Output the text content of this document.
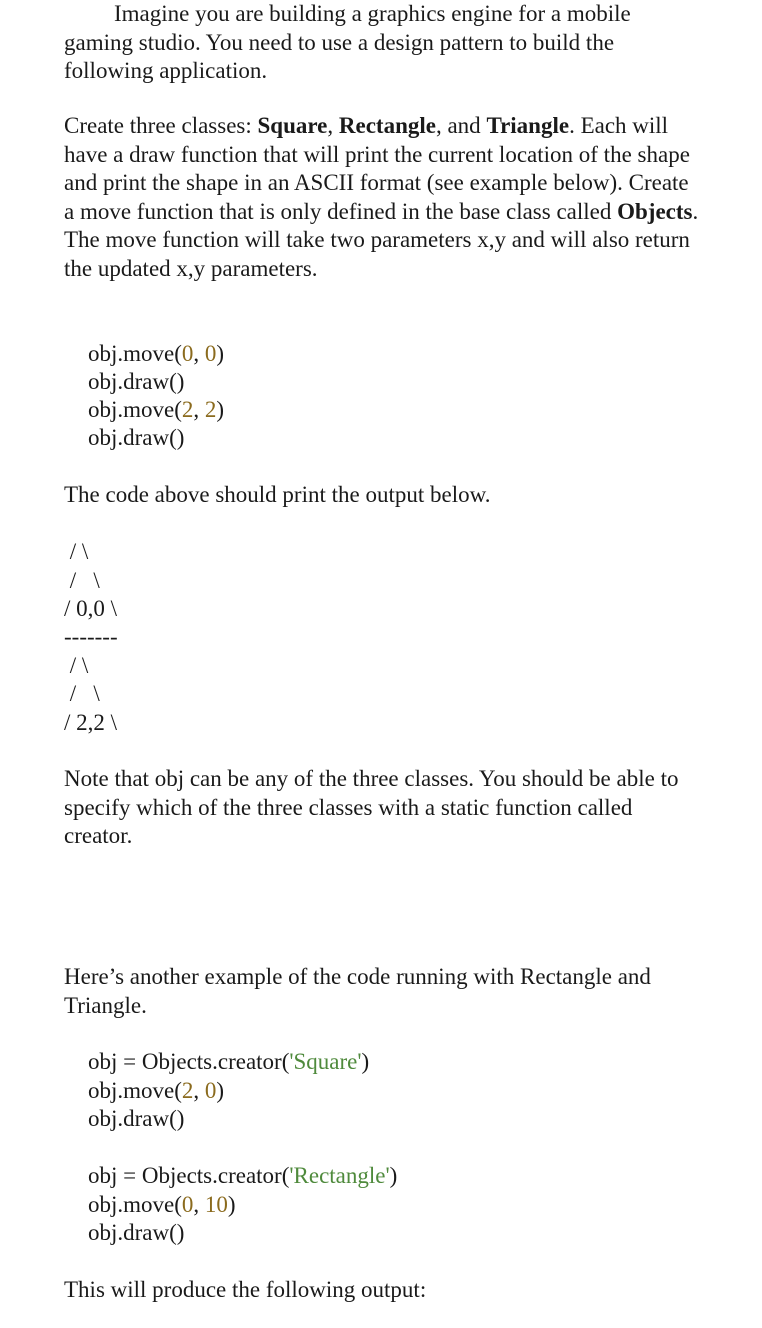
Imagine you are building a graphics engine for a mobile gaming studio. You need to use a design pattern to build the following application.
Create three classes: Square, Rectangle, and Triangle. Each will have a draw function that will print the current location of the shape and print the shape in an ASCII format (see example below). Create a move function that is only defined in the base class called Objects. The move function will take two parameters x,y and will also return the updated x,y parameters.
obj.move(0, 0)
obj.draw()
obj.move(2, 2)
obj.draw()
The code above should print the output below.
/ \
/   \
/ 0,0 \
-------
/ \
/   \
/ 2,2 \
Note that obj can be any of the three classes. You should be able to specify which of the three classes with a static function called creator.
Here’s another example of the code running with Rectangle and Triangle.
obj = Objects.creator('Square')
obj.move(2, 0)
obj.draw()
obj = Objects.creator('Rectangle')
obj.move(0, 10)
obj.draw()
This will produce the following output:
